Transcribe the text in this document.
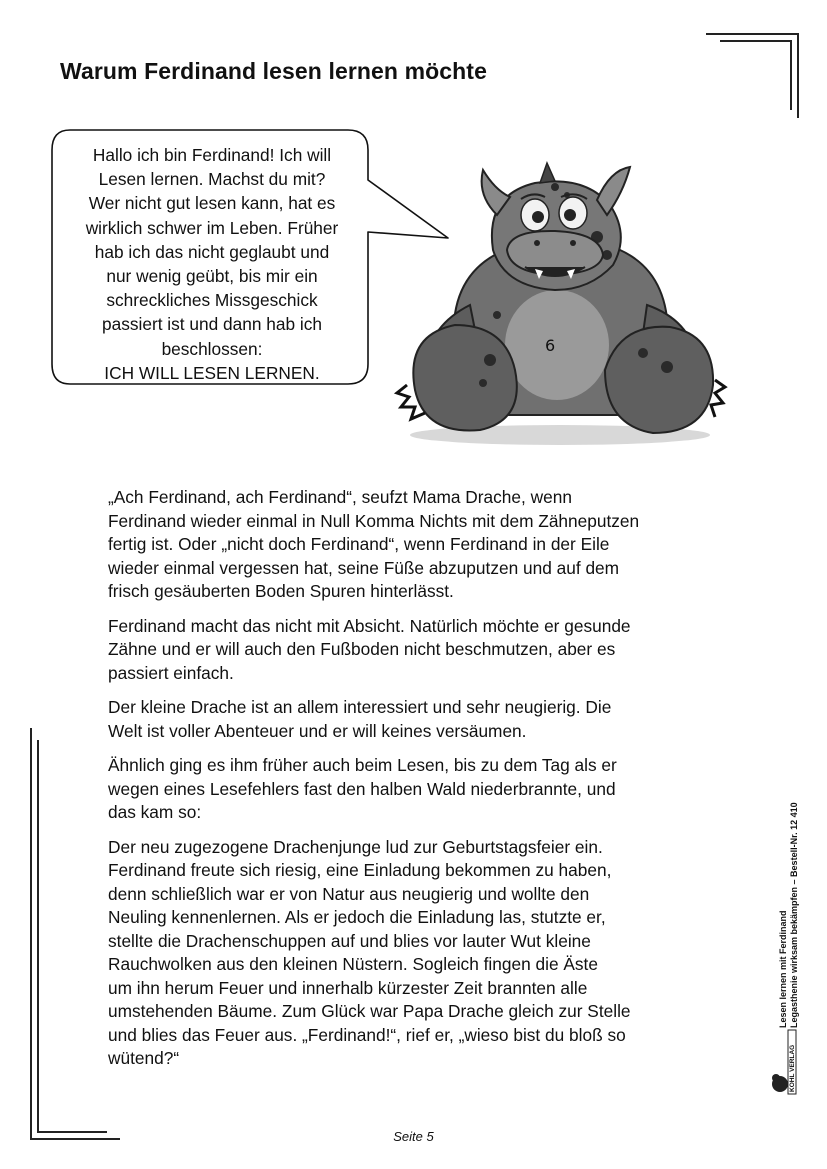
Warum Ferdinand lesen lernen möchte
Hallo ich bin Ferdinand! Ich will
Lesen lernen. Machst du mit?
Wer nicht gut lesen kann, hat es
wirklich schwer im Leben. Früher
hab ich das nicht geglaubt und
nur wenig geübt, bis mir ein
schreckliches Missgeschick
passiert ist und dann hab ich
beschlossen:
ICH WILL LESEN LERNEN.
6
„Ach Ferdinand, ach Ferdinand“, seufzt Mama Drache, wenn
Ferdinand wieder einmal in Null Komma Nichts mit dem Zähneputzen
fertig ist. Oder „nicht doch Ferdinand“, wenn Ferdinand in der Eile
wieder einmal vergessen hat, seine Füße abzuputzen und auf dem
frisch gesäuberten Boden Spuren hinterlässt.
Ferdinand macht das nicht mit Absicht. Natürlich möchte er gesunde
Zähne und er will auch den Fußboden nicht beschmutzen, aber es
passiert einfach.
Der kleine Drache ist an allem interessiert und sehr neugierig. Die
Welt ist voller Abenteuer und er will keines versäumen.
Ähnlich ging es ihm früher auch beim Lesen, bis zu dem Tag als er
wegen eines Lesefehlers fast den halben Wald niederbrannte, und
das kam so:
Der neu zugezogene Drachenjunge lud zur Geburtstagsfeier ein.
Ferdinand freute sich riesig, eine Einladung bekommen zu haben,
denn schließlich war er von Natur aus neugierig und wollte den
Neuling kennenlernen. Als er jedoch die Einladung las, stutzte er,
stellte die Drachenschuppen auf und blies vor lauter Wut kleine
Rauchwolken aus den kleinen Nüstern. Sogleich fingen die Äste
um ihn herum Feuer und innerhalb kürzester Zeit brannten alle
umstehenden Bäume. Zum Glück war Papa Drache gleich zur Stelle
und blies das Feuer aus. „Ferdinand!“, rief er, „wieso bist du bloß so
wütend?“
Lesen lernen mit Ferdinand Legasthenie wirksam bekämpfen – Bestell-Nr. 12 410
KOHL VERLAG
Seite 5
